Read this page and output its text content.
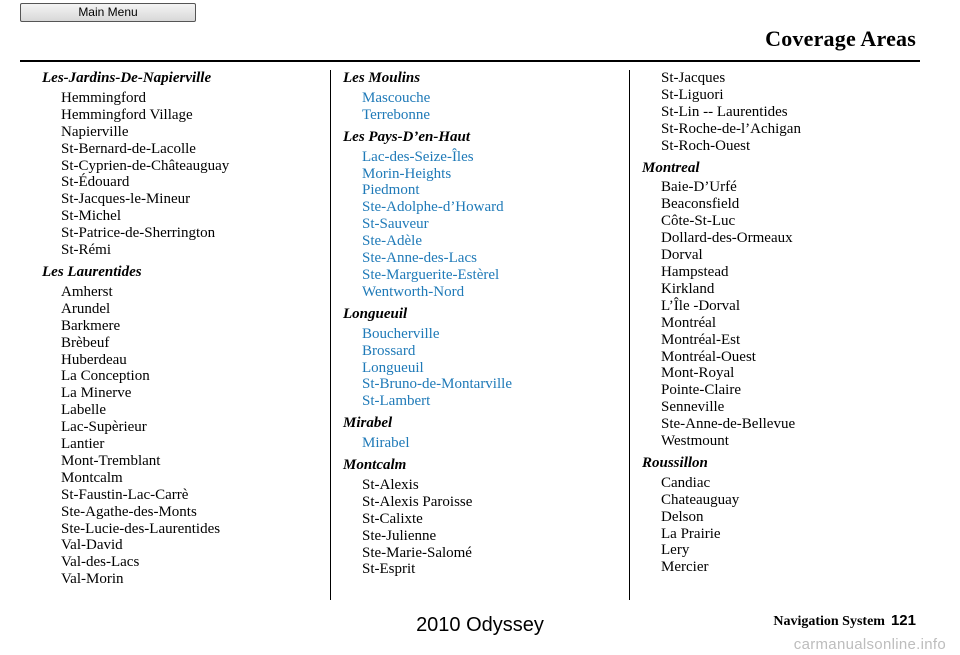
Main Menu
Coverage Areas
Les-Jardins-De-Napierville
Hemmingford
Hemmingford Village
Napierville
St-Bernard-de-Lacolle
St-Cyprien-de-Châteauguay
St-Édouard
St-Jacques-le-Mineur
St-Michel
St-Patrice-de-Sherrington
St-Rémi
Les Laurentides
Amherst
Arundel
Barkmere
Brèbeuf
Huberdeau
La Conception
La Minerve
Labelle
Lac-Supèrieur
Lantier
Mont-Tremblant
Montcalm
St-Faustin-Lac-Carrè
Ste-Agathe-des-Monts
Ste-Lucie-des-Laurentides
Val-David
Val-des-Lacs
Val-Morin
Les Moulins
Mascouche
Terrebonne
Les Pays-D’en-Haut
Lac-des-Seize-Îles
Morin-Heights
Piedmont
Ste-Adolphe-d’Howard
St-Sauveur
Ste-Adèle
Ste-Anne-des-Lacs
Ste-Marguerite-Estèrel
Wentworth-Nord
Longueuil
Boucherville
Brossard
Longueuil
St-Bruno-de-Montarville
St-Lambert
Mirabel
Mirabel
Montcalm
St-Alexis
St-Alexis Paroisse
St-Calixte
Ste-Julienne
Ste-Marie-Salomé
St-Esprit
St-Jacques
St-Liguori
St-Lin -- Laurentides
St-Roche-de-l’Achigan
St-Roch-Ouest
Montreal
Baie-D’Urfé
Beaconsfield
Côte-St-Luc
Dollard-des-Ormeaux
Dorval
Hampstead
Kirkland
L’Île -Dorval
Montréal
Montréal-Est
Montréal-Ouest
Mont-Royal
Pointe-Claire
Senneville
Ste-Anne-de-Bellevue
Westmount
Roussillon
Candiac
Chateauguay
Delson
La Prairie
Lery
Mercier
Navigation System 121
2010 Odyssey
carmanualsonline.info
